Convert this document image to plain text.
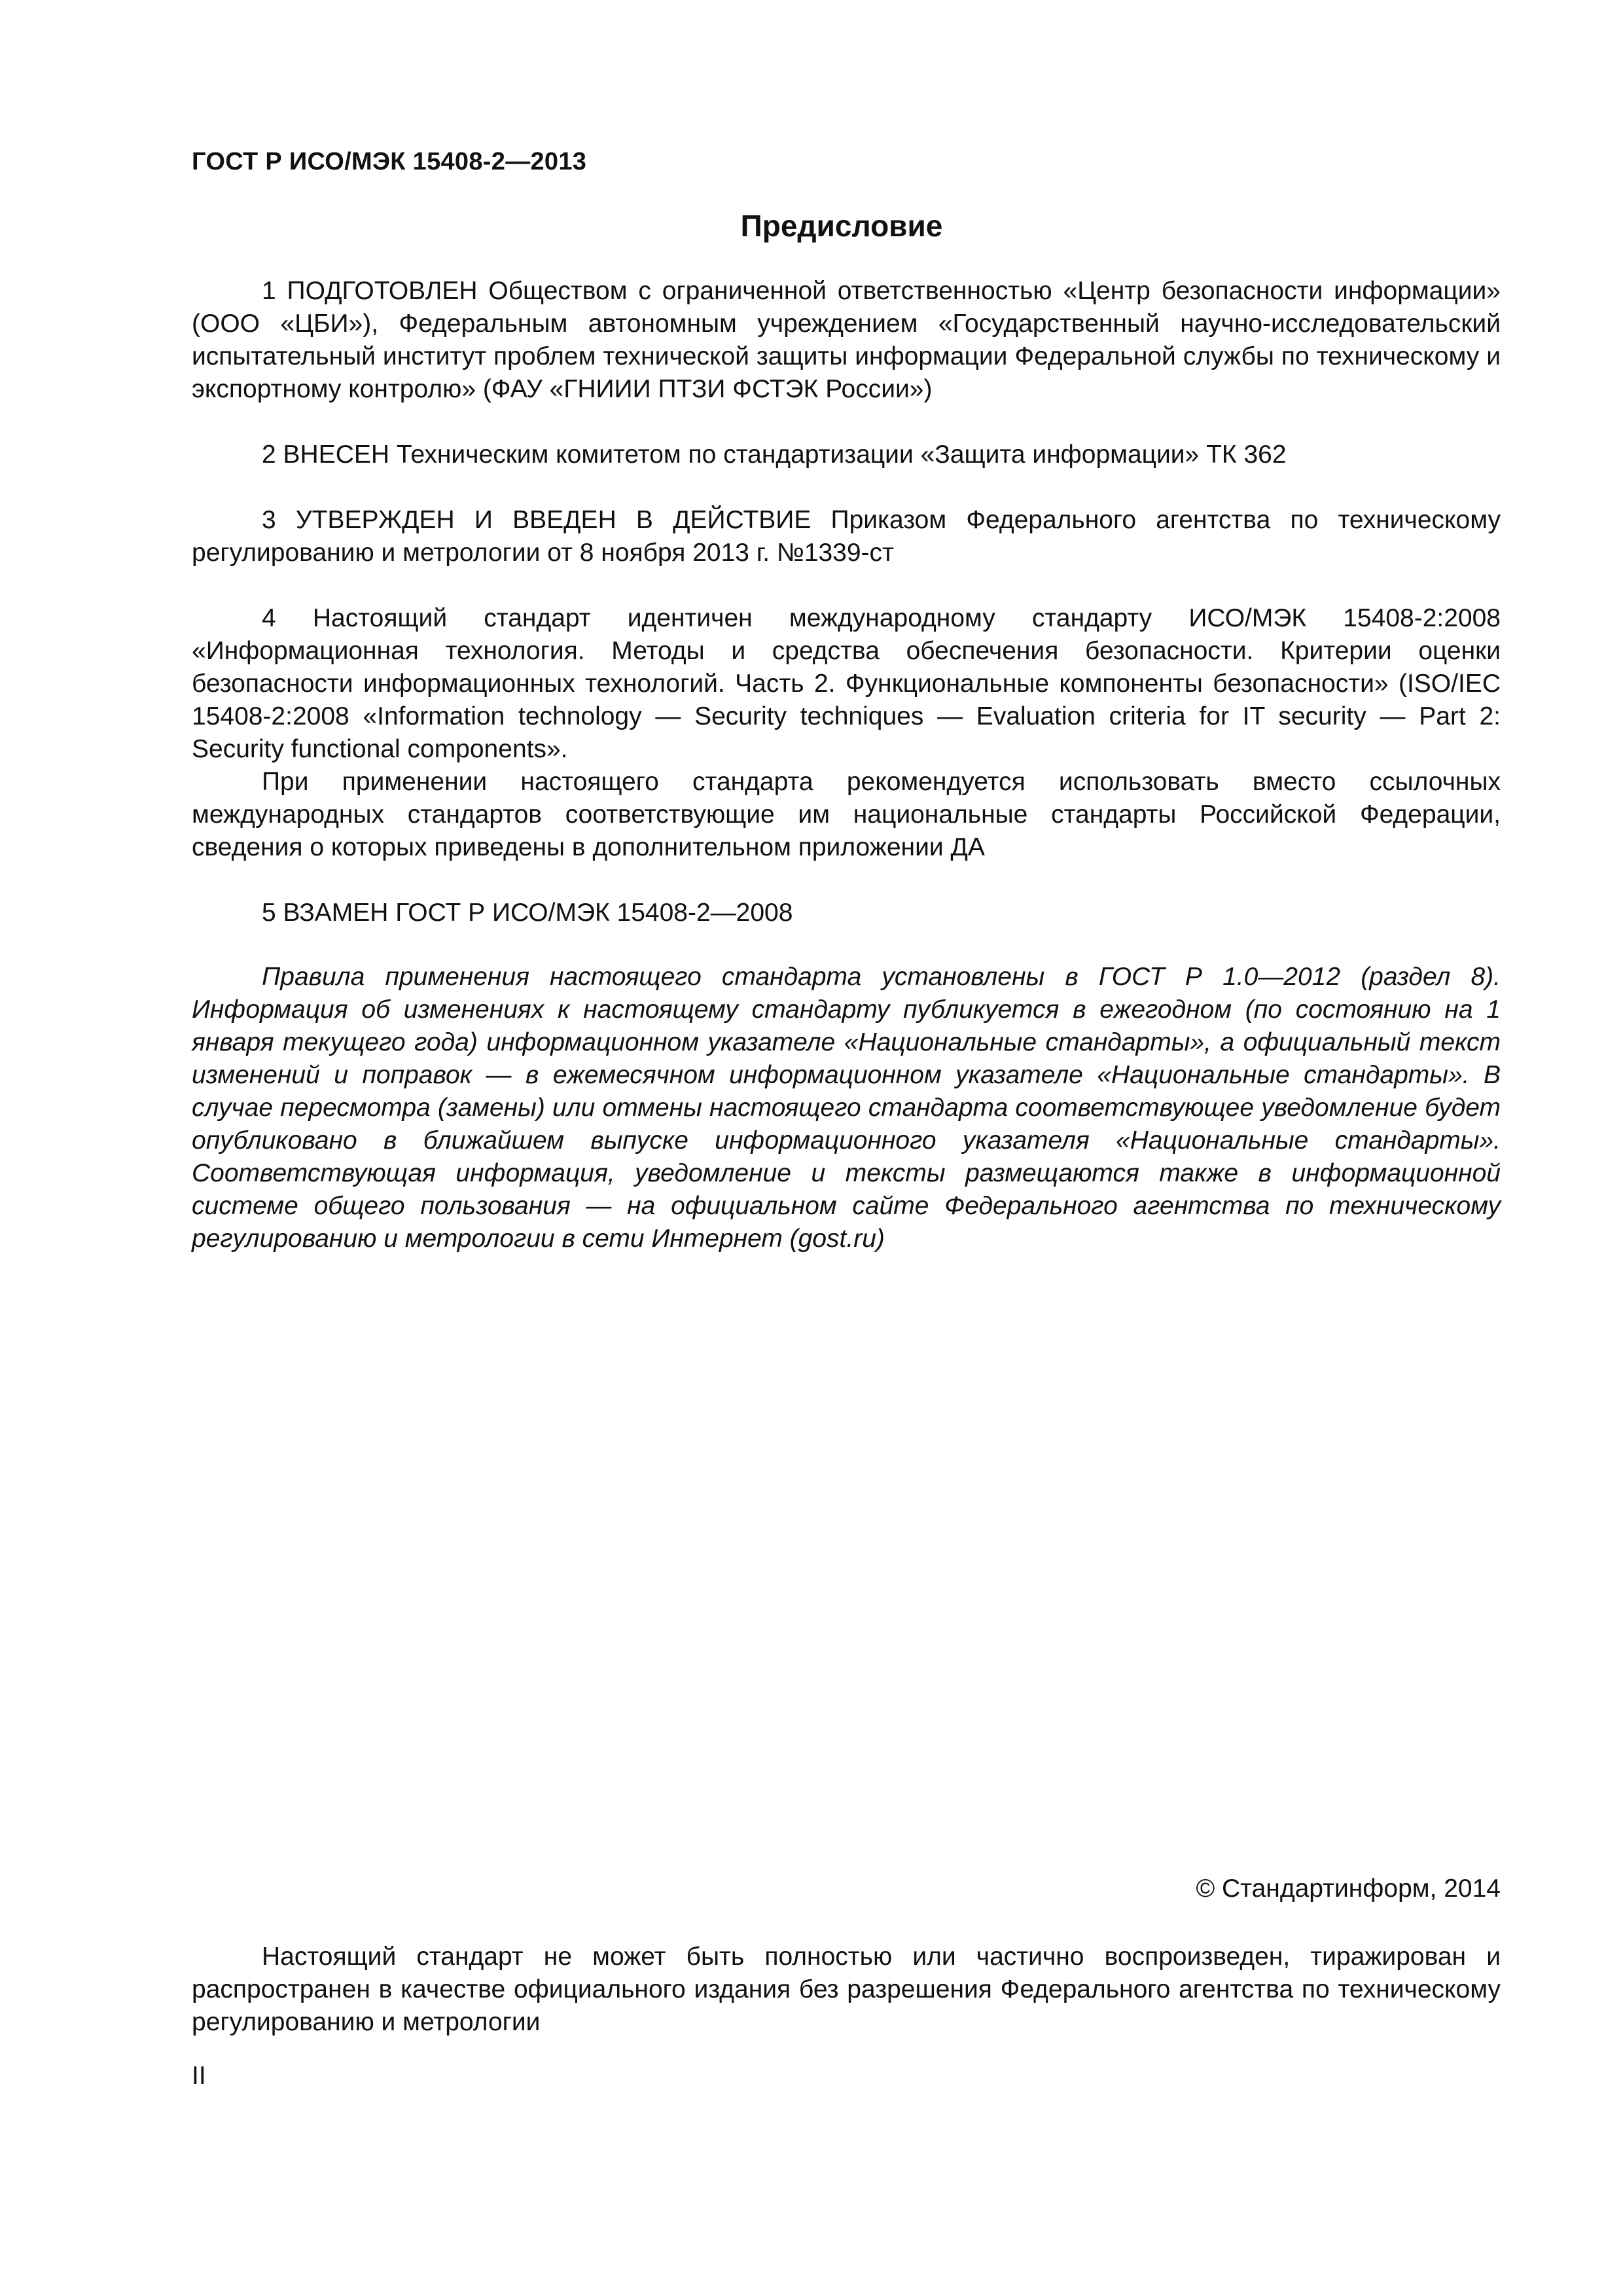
ГОСТ Р ИСО/МЭК 15408-2—2013
Предисловие

1 ПОДГОТОВЛЕН Обществом с ограниченной ответственностью «Центр безопасности информации» (ООО «ЦБИ»), Федеральным автономным учреждением «Государственный научно-исследовательский испытательный институт проблем технической защиты информации Федеральной службы по техническому и экспортному контролю» (ФАУ «ГНИИИ ПТЗИ ФСТЭК России»)

2 ВНЕСЕН Техническим комитетом по стандартизации «Защита информации» ТК 362

3 УТВЕРЖДЕН И ВВЕДЕН В ДЕЙСТВИЕ Приказом Федерального агентства по техническому регулированию и метрологии от 8 ноября 2013 г. №1339-ст

4 Настоящий стандарт идентичен международному стандарту ИСО/МЭК 15408-2:2008 «Информационная технология. Методы и средства обеспечения безопасности. Критерии оценки безопасности информационных технологий. Часть 2. Функциональные компоненты безопасности» (ISO/IEC 15408-2:2008 «Information technology — Security techniques — Evaluation criteria for IT security — Part 2: Security functional components».

При применении настоящего стандарта рекомендуется использовать вместо ссылочных международных стандартов соответствующие им национальные стандарты Российской Федерации, сведения о которых приведены в дополнительном приложении ДА

5 ВЗАМЕН ГОСТ Р ИСО/МЭК 15408-2—2008

Правила применения настоящего стандарта установлены в ГОСТ Р 1.0—2012 (раздел 8). Информация об изменениях к настоящему стандарту публикуется в ежегодном (по состоянию на 1 января текущего года) информационном указателе «Национальные стандарты», а официальный текст изменений и поправок — в ежемесячном информационном указателе «Национальные стандарты». В случае пересмотра (замены) или отмены настоящего стандарта соответствующее уведомление будет опубликовано в ближайшем выпуске информационного указателя «Национальные стандарты». Соответствующая информация, уведомление и тексты размещаются также в информационной системе общего пользования — на официальном сайте Федерального агентства по техническому регулированию и метрологии в сети Интернет (gost.ru)

© Стандартинформ, 2014

Настоящий стандарт не может быть полностью или частично воспроизведен, тиражирован и распространен в качестве официального издания без разрешения Федерального агентства по техническому регулированию и метрологии

II
